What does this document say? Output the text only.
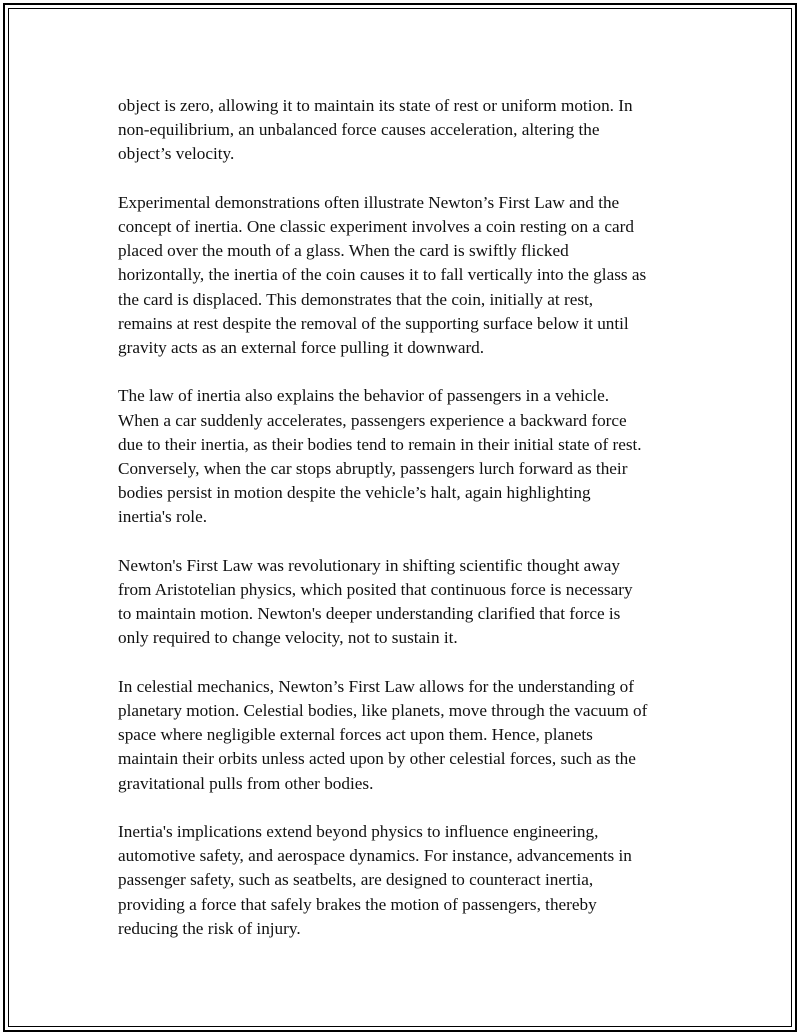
object is zero, allowing it to maintain its state of rest or uniform motion. In
non-equilibrium, an unbalanced force causes acceleration, altering the
object’s velocity.

Experimental demonstrations often illustrate Newton’s First Law and the
concept of inertia. One classic experiment involves a coin resting on a card
placed over the mouth of a glass. When the card is swiftly flicked
horizontally, the inertia of the coin causes it to fall vertically into the glass as
the card is displaced. This demonstrates that the coin, initially at rest,
remains at rest despite the removal of the supporting surface below it until
gravity acts as an external force pulling it downward.

The law of inertia also explains the behavior of passengers in a vehicle.
When a car suddenly accelerates, passengers experience a backward force
due to their inertia, as their bodies tend to remain in their initial state of rest.
Conversely, when the car stops abruptly, passengers lurch forward as their
bodies persist in motion despite the vehicle’s halt, again highlighting
inertia's role.

Newton's First Law was revolutionary in shifting scientific thought away
from Aristotelian physics, which posited that continuous force is necessary
to maintain motion. Newton's deeper understanding clarified that force is
only required to change velocity, not to sustain it.

In celestial mechanics, Newton’s First Law allows for the understanding of
planetary motion. Celestial bodies, like planets, move through the vacuum of
space where negligible external forces act upon them. Hence, planets
maintain their orbits unless acted upon by other celestial forces, such as the
gravitational pulls from other bodies.

Inertia's implications extend beyond physics to influence engineering,
automotive safety, and aerospace dynamics. For instance, advancements in
passenger safety, such as seatbelts, are designed to counteract inertia,
providing a force that safely brakes the motion of passengers, thereby
reducing the risk of injury.
